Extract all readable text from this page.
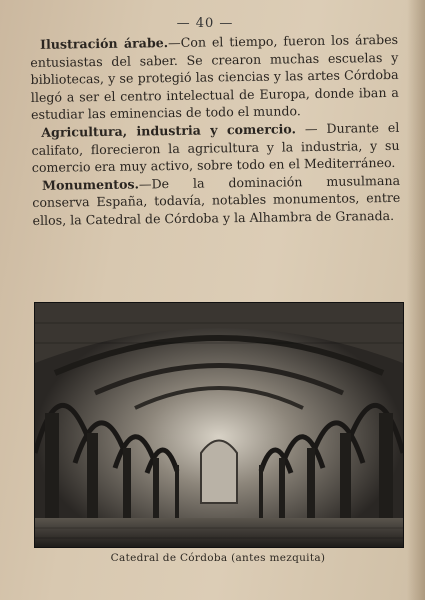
— 40 —

Ilustración árabe.—Con el tiempo, fueron los árabes entusiastas del saber. Se crearon muchas escuelas y bibliotecas, y se protegió las ciencias y las artes Córdoba llegó a ser el centro intelectual de Europa, donde iban a estudiar las eminencias de todo el mundo.

Agricultura, industria y comercio. — Durante el califato, florecieron la agricultura y la industria, y su comercio era muy activo, sobre todo en el Mediterráneo.

Monumentos.—De la dominación musulmana conserva España, todavía, notables monumentos, entre ellos, la Catedral de Córdoba y la Alhambra de Granada.

Catedral de Córdoba (antes mezquita)
